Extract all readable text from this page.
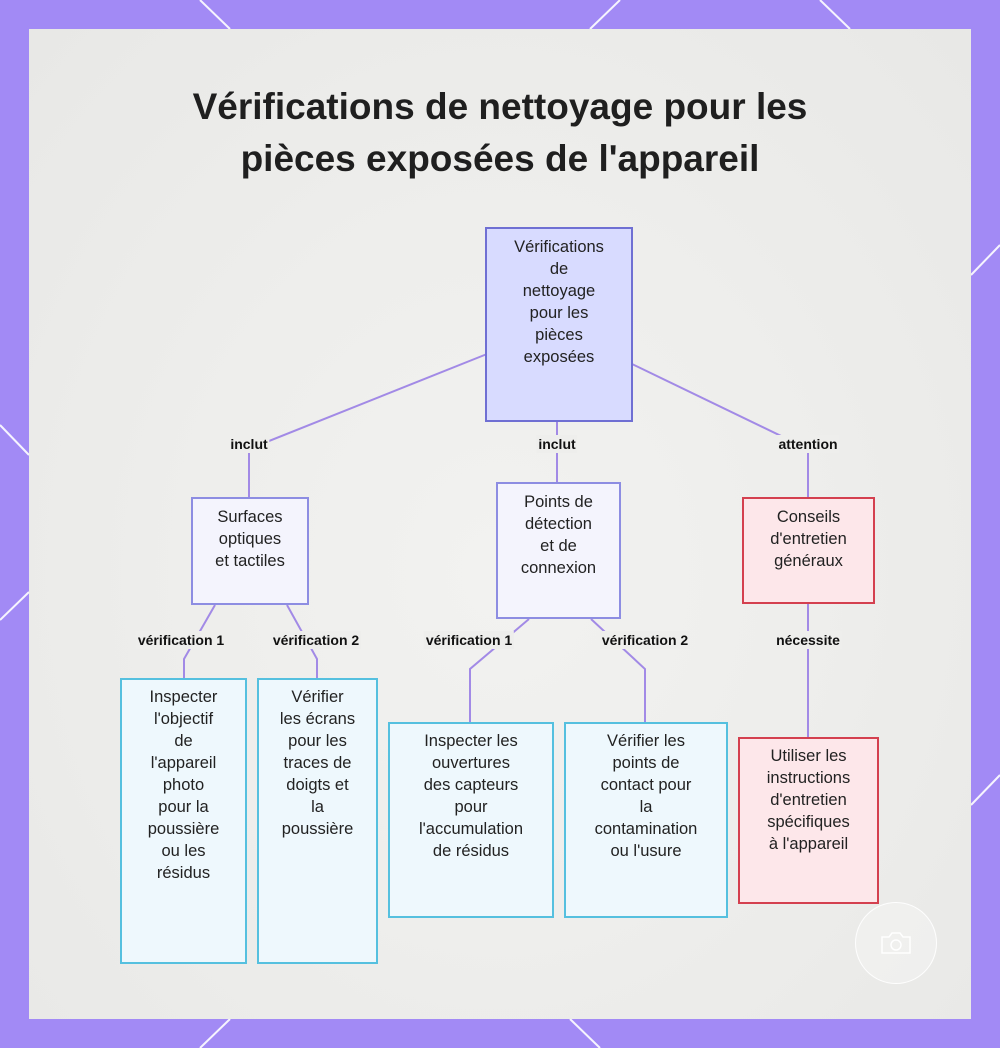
Vérifications de nettoyage pour les
pièces exposées de l'appareil
Vérifications
de
nettoyage
pour les
pièces
exposées
Surfaces
optiques
et tactiles
Points de
détection
et de
connexion
Conseils
d'entretien
généraux
Inspecter
l'objectif
de
l'appareil
photo
pour la
poussière
ou les
résidus
Vérifier
les écrans
pour les
traces de
doigts et
la
poussière
Inspecter les
ouvertures
des capteurs
pour
l'accumulation
de résidus
Vérifier les
points de
contact pour
la
contamination
ou l'usure
Utiliser les
instructions
d'entretien
spécifiques
à l'appareil
inclut	inclut	attention
vérification 1	vérification 2	vérification 1	vérification 2	nécessite
